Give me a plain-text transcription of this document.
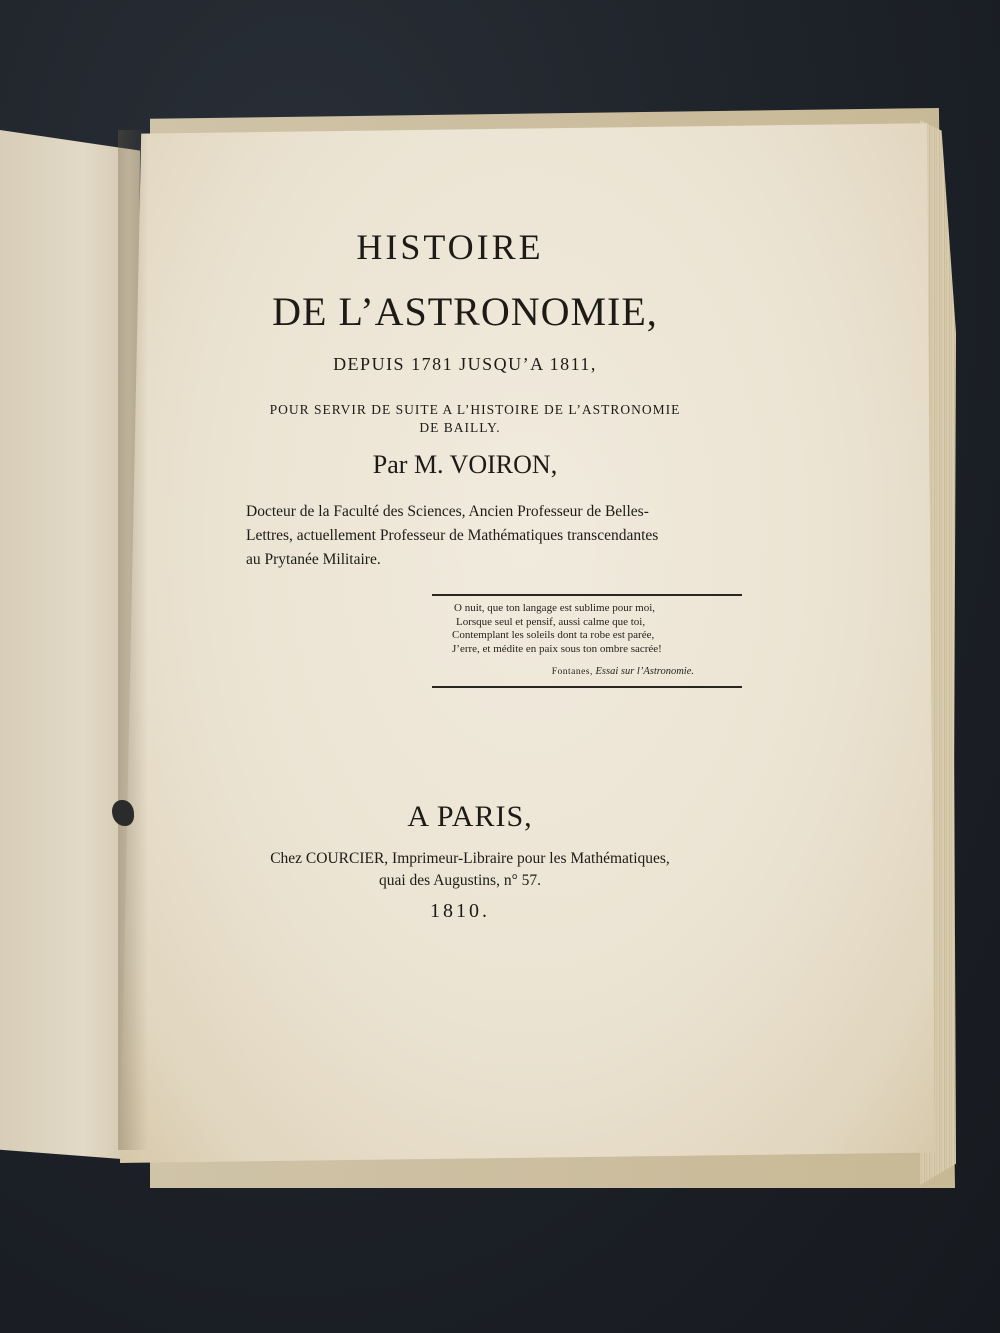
HISTOIRE
DE L’ASTRONOMIE,
DEPUIS 1781 JUSQU’A 1811,
POUR SERVIR DE SUITE A L’HISTOIRE DE L’ASTRONOMIE
DE BAILLY.
Par M. VOIRON,
Docteur de la Faculté des Sciences, Ancien Professeur de Belles-
Lettres, actuellement Professeur de Mathématiques transcendantes
au Prytanée Militaire.
O nuit, que ton langage est sublime pour moi,
Lorsque seul et pensif, aussi calme que toi,
Contemplant les soleils dont ta robe est parée,
J’erre, et médite en paix sous ton ombre sacrée!
Fontanes, Essai sur l’Astronomie.
A PARIS,
Chez COURCIER, Imprimeur-Libraire pour les Mathématiques,
quai des Augustins, n° 57.
1810.
